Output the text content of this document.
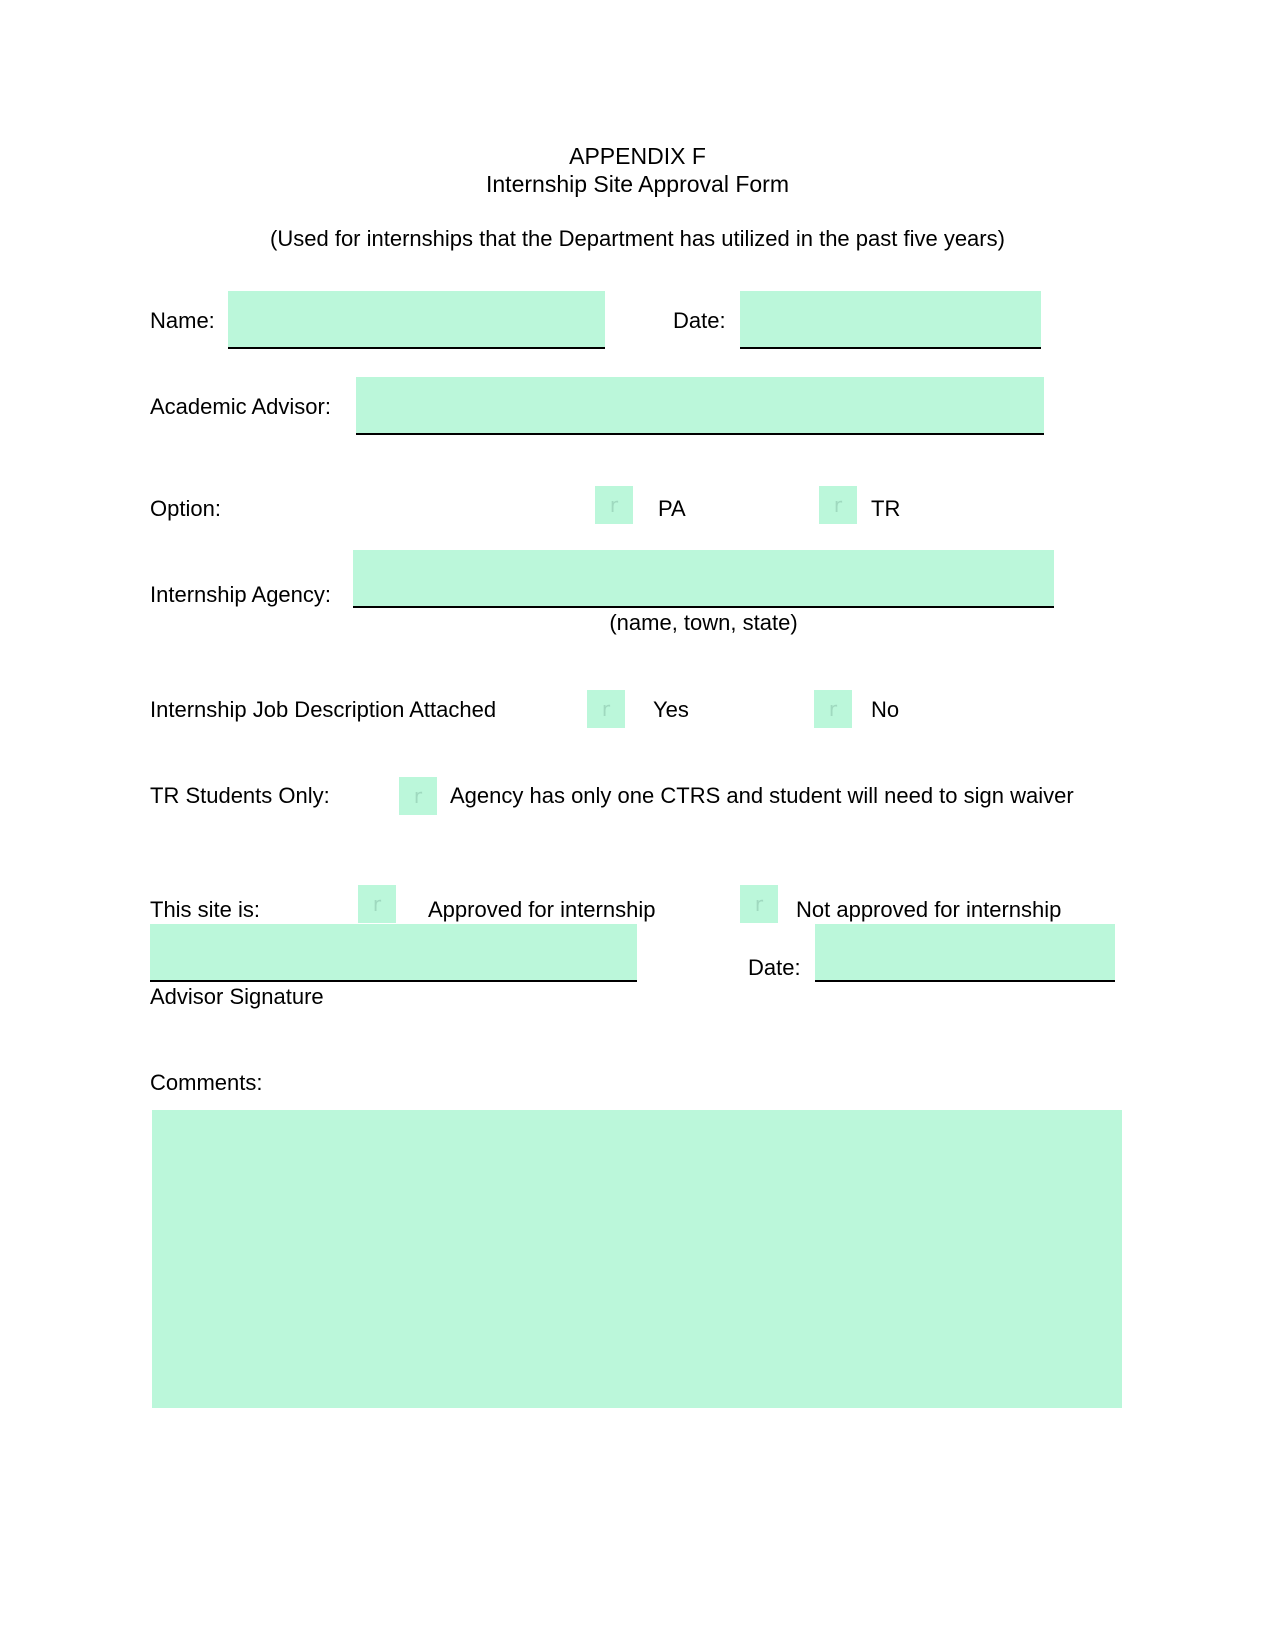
APPENDIX F
Internship Site Approval Form
(Used for internships that the Department has utilized in the past five years)
Name:	Date:
Academic Advisor:
Option:	r	PA	r	TR
Internship Agency:
(name, town, state)
Internship Job Description Attached	r	Yes	r	No
TR Students Only:	r	Agency has only one CTRS and student will need to sign waiver
This site is:	r	Approved for internship	r	Not approved for internship
Advisor Signature
Date:
Comments:
